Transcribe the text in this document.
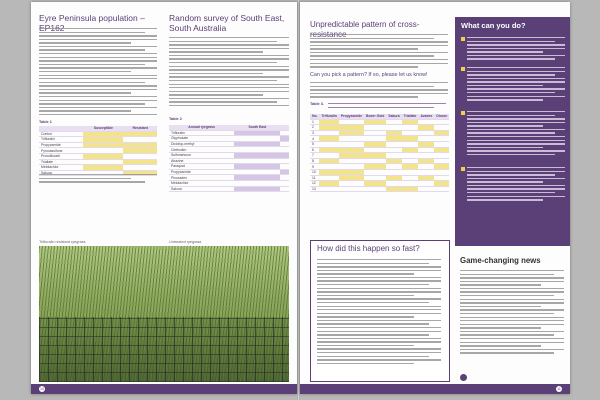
Eyre Peninsula population –
Table 1
	Susceptible	Resistant
Control		
Trifluralin		
Propyzamide		
Pyroxasulfone		
Prosulfocarb		
Triallate		
Metolachlor		

Random survey of South East, South Australia
Table 2
Annual ryegrass	South East	
Trifluralin		
Glyphosate		
Diclofop-methyl		
Clethodim		
Sulfometuron		
Atrazine		
Paraquat		
Propyzamide		
Pinoxaden		
Metolachlor		
Sakura		
Trifluralin resistant ryegrass	Untreated ryegrass
10
Unpredictable pattern of cross-
Can you pick a pattern? If so, please let us know!
Table 3.
No.	Trifluralin	Propyzamide	Boxer Gold	Sakura	Triallate	Avadex	Diuron
1							
2							
3							
4							
5							
6							
7							
8							
9							
10							
11							
12							
13							
How did this happen so fast?
What can you do?
Game-changing news
11
